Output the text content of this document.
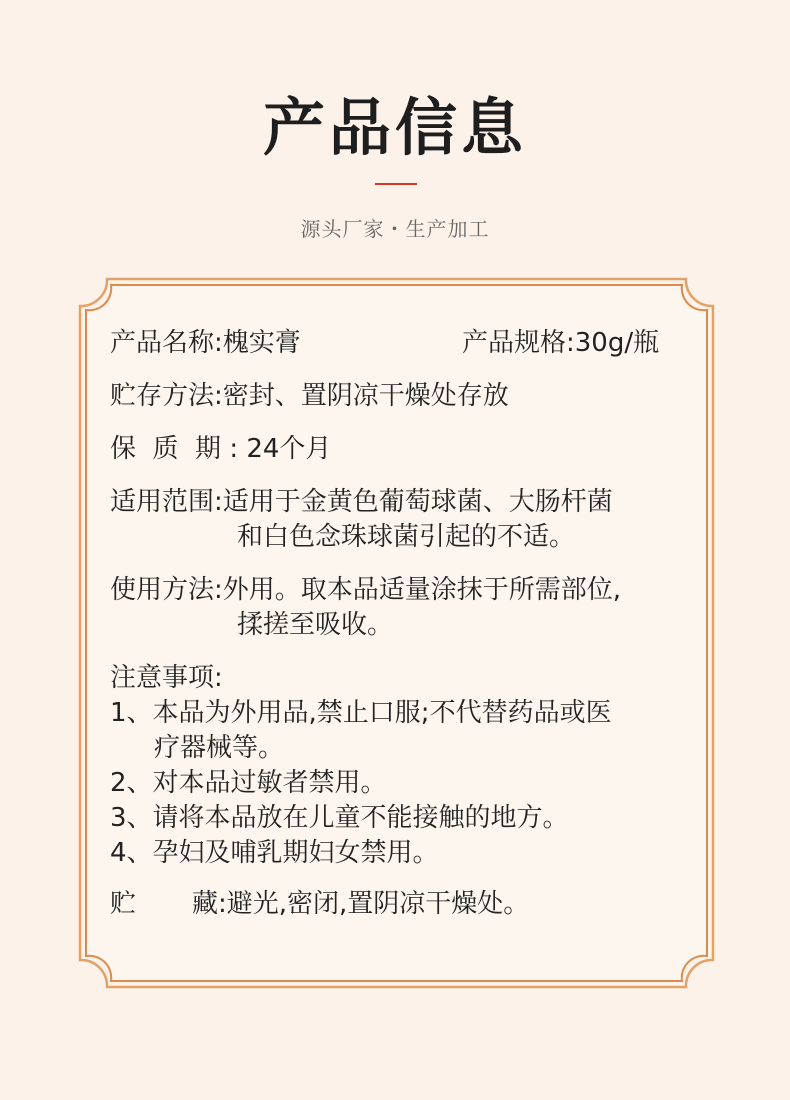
产品信息
源头厂家・生产加工
产品名称:槐实膏	产品规格:30g/瓶
贮存方法:密封、置阴凉干燥处存放
保  质  期 : 24个月
适用范围:适用于金黄色葡萄球菌、大肠杆菌
和白色念珠球菌引起的不适。
使用方法:外用。取本品适量涂抹于所需部位,
揉搓至吸收。
注意事项:
1、 本品为外用品,禁止口服;不代替药品或医
疗器械等。
2、 对本品过敏者禁用。
3、 请将本品放在儿童不能接触的地方。
4、 孕妇及哺乳期妇女禁用。
贮 藏:避光,密闭,置阴凉干燥处。
